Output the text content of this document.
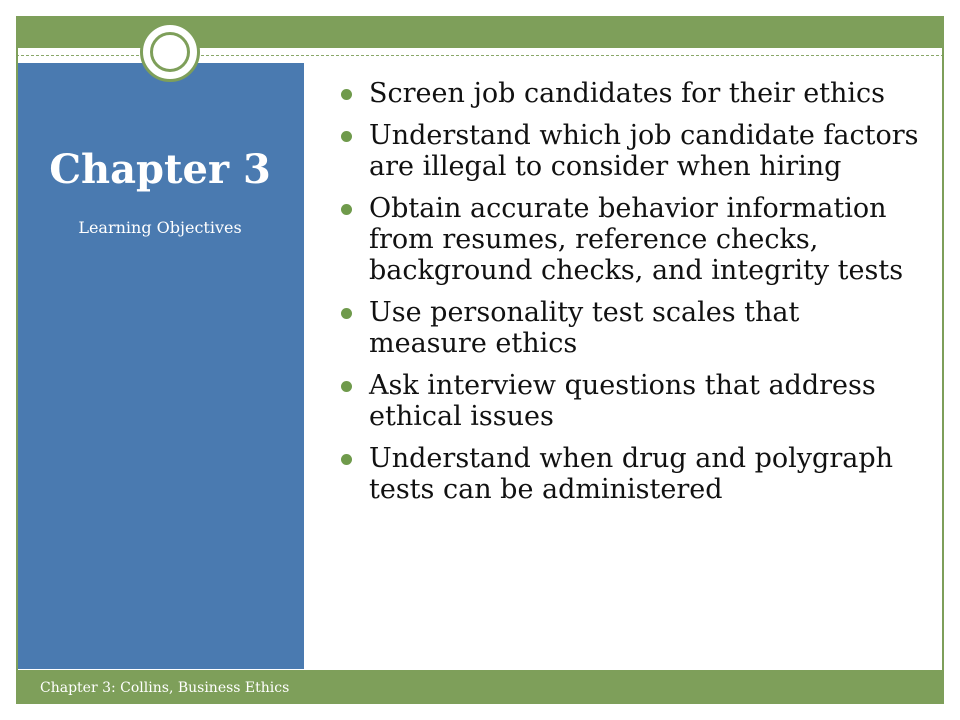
Chapter 3
Learning Objectives
Screen job candidates for their ethics
Understand which job candidate factors are illegal to consider when hiring
Obtain accurate behavior information from resumes, reference checks, background checks, and integrity tests
Use personality test scales that measure ethics
Ask interview questions that address ethical issues
Understand when drug and polygraph tests can be administered
Chapter 3: Collins, Business Ethics
